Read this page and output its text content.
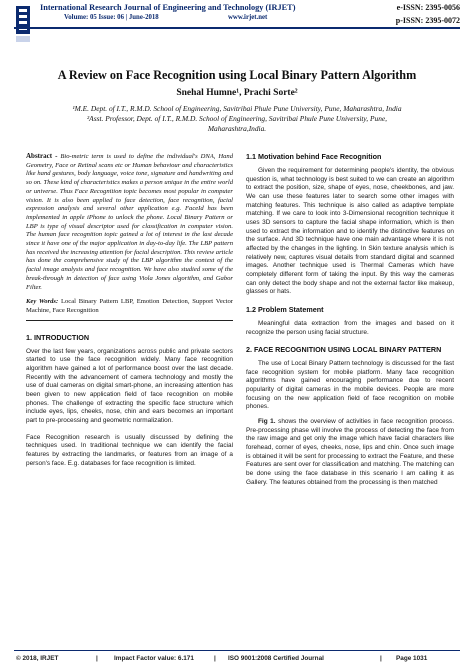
International Research Journal of Engineering and Technology (IRJET)
Volume: 05 Issue: 06 | June-2018	www.irjet.net
e-ISSN: 2395-0056
p-ISSN: 2395-0072
A Review on Face Recognition using Local Binary Pattern Algorithm
Snehal Humne¹, Prachi Sorte²
¹M.E. Dept. of I.T., R.M.D. School of Engineering, Savitribai Phule Pune University, Pune, Maharashtra, India
²Asst. Professor, Dept. of I.T., R.M.D. School of Engineering, Savitribai Phule Pune University, Pune,
Maharashtra,India.

Abstract - Bio-metric term is used to define the individual's DNA, Hand Geometry, Face or Retinal scans etc or Human behaviour and characteristics like hand gestures, body language, voice tone, signature and handwriting and so on. These kind of characteristics makes a person unique in the entire world or universe. Thus Face Recognition topic becomes most popular in computer vision. It is also been applied to face detection, face recognition, facial expression analysis and several other application e.g. FaceId has been implemented in apple iPhone to unlock the phone. Local Binary Pattern or LBP is type of visual descriptor used for classification in computer vision. The human face recognition topic gained a lot of interest in the last decade since it have one of the major application in day-to-day life. The LBP pattern has received the increasing attention for facial description. This review article has done the comprehensive study of the LBP algorithm the context of the facial image analysis and face recognition. We have also studied some of the break-through in detection of face using Viola Jones algorithm, and Gabor Filter.

Key Words: Local Binary Pattern LBP, Emotion Detection, Support Vector Machine, Face Recognition

1. INTRODUCTION

Over the last few years, organizations across public and private sectors started to use the face recognition widely. Many face recognition algorithm have gained a lot of performance boost over the last decade. Recently with the advancement of camera technology and mostly the use of dual cameras on digital smart-phone, an increasing attention has been given to new application field of face recognition on mobile phones. The challenge of extracting the specific face structure which include eyes, lips, cheeks, nose, chin and ears becomes an important part to pre-processing and geometric normalization.

Face Recognition research is usually discussed by defining the techniques used. In traditional technique we can identify the facial features by extracting the landmarks, or features from an image of a person's face. E.g. databases for face recognition is limited.

1.1 Motivation behind Face Recognition

Given the requirement for determining people's identity, the obvious question is, what technology is best suited to we can create an algorithm to extract the position, size, shape of eyes, nose, cheekbones, and jaw. We can use these features later to search some other images with matching features. This technique is also called as adaptive template matching. If we care to look into 3-Dimensional recognition technique it uses 3D sensors to capture the facial shape information, which is then used to extract the information and to identify the distinctive features on the surface. And 3D technique have one main advantage where it is not affected by the changes in the lighting. In Skin texture analysis which is relatively new, captures visual details from standard digital and scanned images. Another technique used is Thermal Cameras which have completely different form of taking the input. By this way the cameras can only detect the body shape and not the external factor like makeup, glasses or hats.

1.2 Problem Statement

Meaningful data extraction from the images and based on it recognize the person using facial structure.

2. FACE RECOGNITION USING LOCAL BINARY PATTERN

The use of Local Binary Pattern technology is discussed for the fast face recognition system for mobile platform. Many face recognition algorithms have gained encouraging performance due to recent popularity of digital cameras in the mobile devices. People are more focusing on the new application field of face recognition on mobile phones.

Fig 1. shows the overview of activities in face recognition process. Pre-processing phase will involve the process of detecting the face from the raw image and get only the image which have facial characters like forehead, corner of eyes, cheeks, nose, lips and chin. Once such image is obtained it will be sent for processing to extract the Feature, and these Features are sent over for classification and matching. The matching can be done using the face database in this scenario I am calling it as Gallery. The features obtained from the processing is then matched

© 2018, IRJET	|	Impact Factor value: 6.171	| ISO 9001:2008 Certified Journal	| Page 1031
